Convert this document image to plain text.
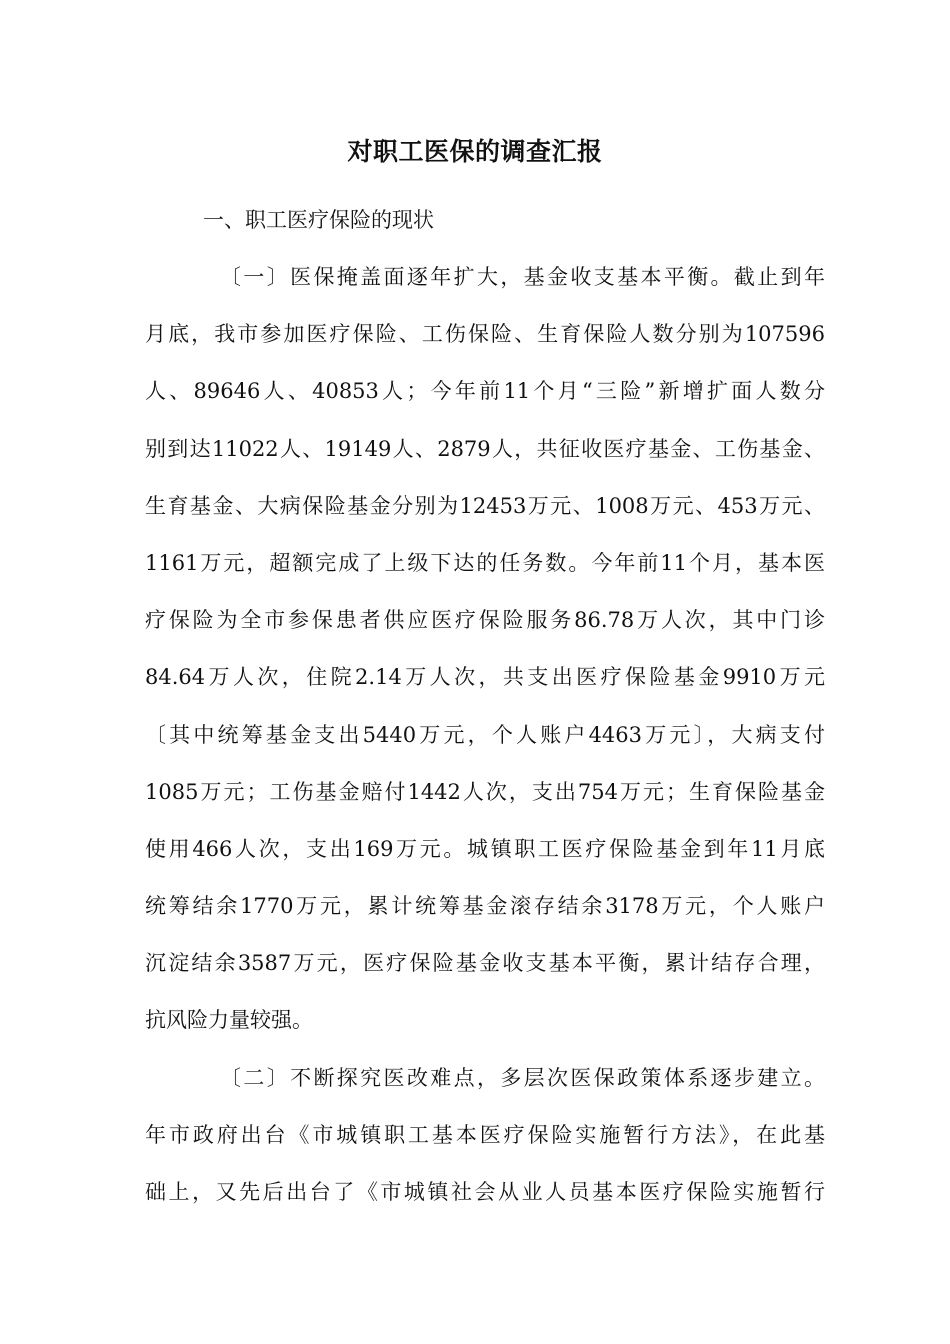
对职工医保的调查汇报
一、职工医疗保险的现状
〔一〕医保掩盖面逐年扩大，基金收支基本平衡。截止到年
月底，我市参加医疗保险、工伤保险、生育保险人数分别为107596
人、89646人、40853人；今年前11个月“三险”新增扩面人数分
别到达11022人、19149人、2879人，共征收医疗基金、工伤基金、
生育基金、大病保险基金分别为12453万元、1008万元、453万元、
1161万元，超额完成了上级下达的任务数。今年前11个月，基本医
疗保险为全市参保患者供应医疗保险服务86.78万人次，其中门诊
84.64万人次，住院2.14万人次，共支出医疗保险基金9910万元
〔其中统筹基金支出5440万元，个人账户4463万元〕，大病支付
1085万元；工伤基金赔付1442人次，支出754万元；生育保险基金
使用466人次，支出169万元。城镇职工医疗保险基金到年11月底
统筹结余1770万元，累计统筹基金滚存结余3178万元，个人账户
沉淀结余3587万元，医疗保险基金收支基本平衡，累计结存合理，
抗风险力量较强。
〔二〕不断探究医改难点，多层次医保政策体系逐步建立。
年市政府出台《市城镇职工基本医疗保险实施暂行方法》，在此基
础上，又先后出台了《市城镇社会从业人员基本医疗保险实施暂行
